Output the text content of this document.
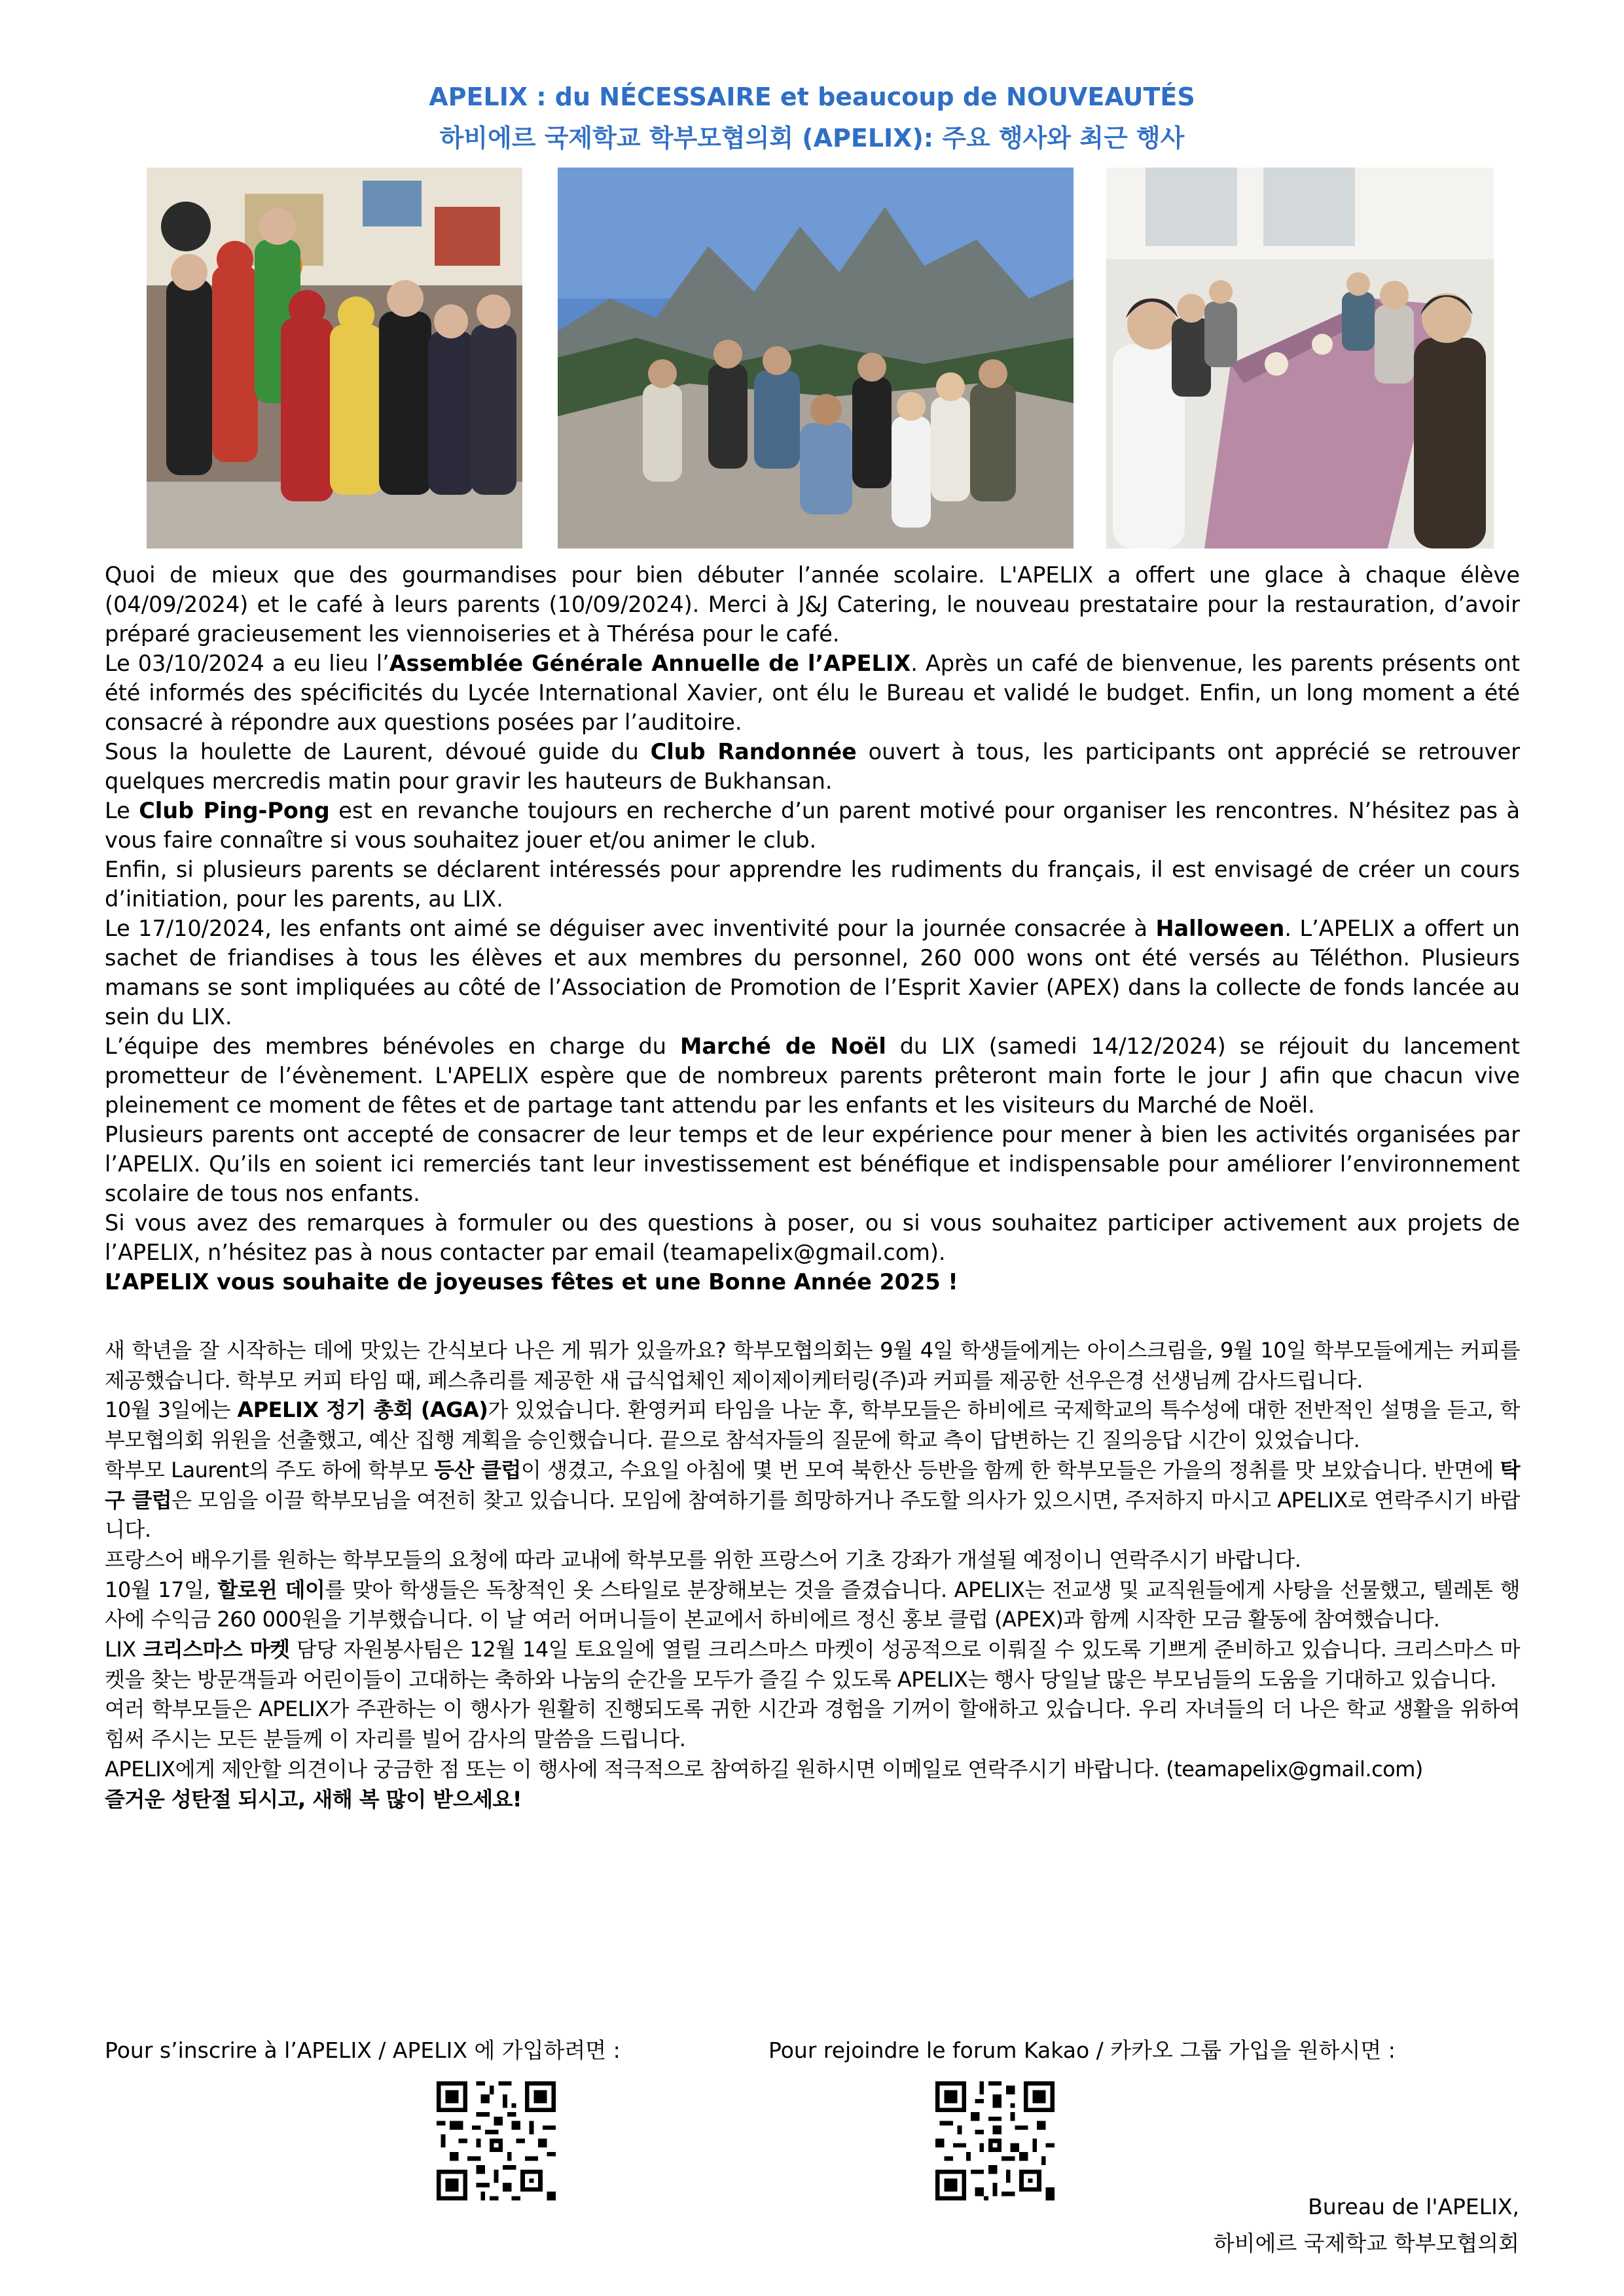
APELIX : du NÉCESSAIRE et beaucoup de NOUVEAUTÉS
하비에르 국제학교 학부모협의회 (APELIX): 주요 행사와 최근 행사

Quoi de mieux que des gourmandises pour bien débuter l’année scolaire. L'APELIX a offert une glace à chaque élève (04/09/2024) et le café à leurs parents (10/09/2024). Merci à J&J Catering, le nouveau prestataire pour la restauration, d’avoir préparé gracieusement les viennoiseries et à Thérésa pour le café.

Le 03/10/2024 a eu lieu l’Assemblée Générale Annuelle de l’APELIX. Après un café de bienvenue, les parents présents ont été informés des spécificités du Lycée International Xavier, ont élu le Bureau et validé le budget. Enfin, un long moment a été consacré à répondre aux questions posées par l’auditoire.

Sous la houlette de Laurent, dévoué guide du Club Randonnée ouvert à tous, les participants ont apprécié se retrouver quelques mercredis matin pour gravir les hauteurs de Bukhansan.

Le Club Ping-Pong est en revanche toujours en recherche d’un parent motivé pour organiser les rencontres. N’hésitez pas à vous faire connaître si vous souhaitez jouer et/ou animer le club.

Enfin, si plusieurs parents se déclarent intéressés pour apprendre les rudiments du français, il est envisagé de créer un cours d’initiation, pour les parents, au LIX.

Le 17/10/2024, les enfants ont aimé se déguiser avec inventivité pour la journée consacrée à Halloween. L’APELIX a offert un sachet de friandises à tous les élèves et aux membres du personnel, 260 000 wons ont été versés au Téléthon. Plusieurs mamans se sont impliquées au côté de l’Association de Promotion de l’Esprit Xavier (APEX) dans la collecte de fonds lancée au sein du LIX.

L’équipe des membres bénévoles en charge du Marché de Noël du LIX (samedi 14/12/2024) se réjouit du lancement prometteur de l’évènement. L'APELIX espère que de nombreux parents prêteront main forte le jour J afin que chacun vive pleinement ce moment de fêtes et de partage tant attendu par les enfants et les visiteurs du Marché de Noël.

Plusieurs parents ont accepté de consacrer de leur temps et de leur expérience pour mener à bien les activités organisées par l’APELIX. Qu’ils en soient ici remerciés tant leur investissement est bénéfique et indispensable pour améliorer l’environnement scolaire de tous nos enfants.

Si vous avez des remarques à formuler ou des questions à poser, ou si vous souhaitez participer activement aux projets de l’APELIX, n’hésitez pas à nous contacter par email (teamapelix@gmail.com).

L’APELIX vous souhaite de joyeuses fêtes et une Bonne Année 2025 !

새 학년을 잘 시작하는 데에 맛있는 간식보다 나은 게 뭐가 있을까요? 학부모협의회는 9월 4일 학생들에게는 아이스크림을, 9월 10일 학부모들에게는 커피를 제공했습니다. 학부모 커피 타임 때, 페스츄리를 제공한 새 급식업체인 제이제이케터링(주)과 커피를 제공한 선우은경 선생님께 감사드립니다.

10월 3일에는 APELIX 정기 총회 (AGA)가 있었습니다. 환영커피 타임을 나눈 후, 학부모들은 하비에르 국제학교의 특수성에 대한 전반적인 설명을 듣고, 학부모협의회 위원을 선출했고, 예산 집행 계획을 승인했습니다. 끝으로 참석자들의 질문에 학교 측이 답변하는 긴 질의응답 시간이 있었습니다.

학부모 Laurent의 주도 하에 학부모 등산 클럽이 생겼고, 수요일 아침에 몇 번 모여 북한산 등반을 함께 한 학부모들은 가을의 정취를 맛 보았습니다. 반면에 탁구 클럽은 모임을 이끌 학부모님을 여전히 찾고 있습니다. 모임에 참여하기를 희망하거나 주도할 의사가 있으시면, 주저하지 마시고 APELIX로 연락주시기 바랍니다.

프랑스어 배우기를 원하는 학부모들의 요청에 따라 교내에 학부모를 위한 프랑스어 기초 강좌가 개설될 예정이니 연락주시기 바랍니다.

10월 17일, 할로윈 데이를 맞아 학생들은 독창적인 옷 스타일로 분장해보는 것을 즐겼습니다. APELIX는 전교생 및 교직원들에게 사탕을 선물했고, 텔레톤 행사에 수익금 260 000원을 기부했습니다. 이 날 여러 어머니들이 본교에서 하비에르 정신 홍보 클럽 (APEX)과 함께 시작한 모금 활동에 참여했습니다.

LIX 크리스마스 마켓 담당 자원봉사팀은 12월 14일 토요일에 열릴 크리스마스 마켓이 성공적으로 이뤄질 수 있도록 기쁘게 준비하고 있습니다. 크리스마스 마켓을 찾는 방문객들과 어린이들이 고대하는 축하와 나눔의 순간을 모두가 즐길 수 있도록 APELIX는 행사 당일날 많은 부모님들의 도움을 기대하고 있습니다.

여러 학부모들은 APELIX가 주관하는 이 행사가 원활히 진행되도록 귀한 시간과 경험을 기꺼이 할애하고 있습니다. 우리 자녀들의 더 나은 학교 생활을 위하여 힘써 주시는 모든 분들께 이 자리를 빌어 감사의 말씀을 드립니다.

APELIX에게 제안할 의견이나 궁금한 점 또는 이 행사에 적극적으로 참여하길 원하시면 이메일로 연락주시기 바랍니다. (teamapelix@gmail.com)

즐거운 성탄절 되시고, 새해 복 많이 받으세요!

Pour s’inscrire à l’APELIX / APELIX 에 가입하려면 :	Pour rejoindre le forum Kakao / 카카오 그룹 가입을 원하시면 :
Bureau de l'APELIX,
하비에르 국제학교 학부모협의회
